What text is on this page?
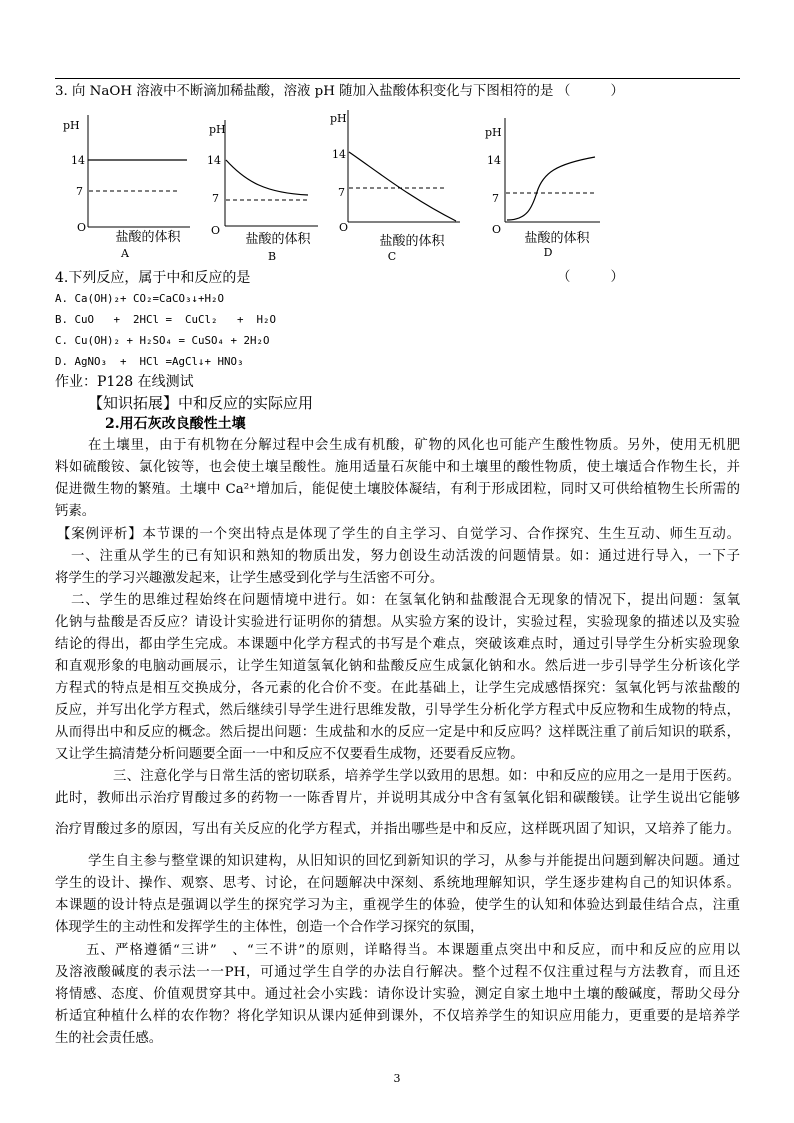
3. 向 NaOH 溶液中不断滴加稀盐酸，溶液 pH 随加入盐酸体积变化与下图相符的是 （　　　）
pH
14
7
O
盐酸的体积
A
pH
14
7
O
盐酸的体积
B
pH
14
7
O
盐酸的体积
C
pH
14
7
O
盐酸的体积
D
4.下列反应，属于中和反应的是	（　　　）
A. Ca(OH)₂+ CO₂=CaCO₃↓+H₂O
B. CuO   +  2HCl =  CuCl₂   +  H₂O
C. Cu(OH)₂ + H₂SO₄ = CuSO₄ + 2H₂O
D. AgNO₃  +  HCl =AgCl↓+ HNO₃
作业：P128 在线测试
【知识拓展】中和反应的实际应用
2.用石灰改良酸性土壤
在土壤里，由于有机物在分解过程中会生成有机酸，矿物的风化也可能产生酸性物质。另外，使用无机肥
料如硫酸铵、氯化铵等，也会使土壤呈酸性。施用适量石灰能中和土壤里的酸性物质，使土壤适合作物生长，并
促进微生物的繁殖。土壤中 Ca²⁺增加后，能促使土壤胶体凝结，有利于形成团粒，同时又可供给植物生长所需的
钙素。
【案例评析】本节课的一个突出特点是体现了学生的自主学习、自觉学习、合作探究、生生互动、师生互动。
一、注重从学生的已有知识和熟知的物质出发，努力创设生动活泼的问题情景。如：通过进行导入，一下子
将学生的学习兴趣激发起来，让学生感受到化学与生活密不可分。
二、学生的思维过程始终在问题情境中进行。如：在氢氧化钠和盐酸混合无现象的情况下，提出问题：氢氧
化钠与盐酸是否反应？请设计实验进行证明你的猜想。从实验方案的设计，实验过程，实验现象的描述以及实验
结论的得出，都由学生完成。本课题中化学方程式的书写是个难点，突破该难点时，通过引导学生分析实验现象
和直观形象的电脑动画展示，让学生知道氢氧化钠和盐酸反应生成氯化钠和水。然后进一步引导学生分析该化学
方程式的特点是相互交换成分，各元素的化合价不变。在此基础上，让学生完成感悟探究：氢氧化钙与浓盐酸的
反应，并写出化学方程式，然后继续引导学生进行思维发散，引导学生分析化学方程式中反应物和生成物的特点，
从而得出中和反应的概念。然后提出问题：生成盐和水的反应一定是中和反应吗？这样既注重了前后知识的联系，
又让学生搞清楚分析问题要全面一一中和反应不仅要看生成物，还要看反应物。
三、注意化学与日常生活的密切联系，培养学生学以致用的思想。如：中和反应的应用之一是用于医药。
此时，教师出示治疗胃酸过多的药物一一陈香胃片，并说明其成分中含有氢氧化铝和碳酸镁。让学生说出它能够
治疗胃酸过多的原因，写出有关反应的化学方程式，并指出哪些是中和反应，这样既巩固了知识，又培养了能力。
学生自主参与整堂课的知识建构，从旧知识的回忆到新知识的学习，从参与并能提出问题到解决问题。通过
学生的设计、操作、观察、思考、讨论，在问题解决中深刻、系统地理解知识，学生逐步建构自己的知识体系。
本课题的设计特点是强调以学生的探究学习为主，重视学生的体验，使学生的认知和体验达到最佳结合点，注重
体现学生的主动性和发挥学生的主体性，创造一个合作学习探究的氛围，
五、严格遵循“三讲”　、“三不讲”的原则，详略得当。本课题重点突出中和反应，而中和反应的应用以
及溶液酸碱度的表示法一一PH，可通过学生自学的办法自行解决。整个过程不仅注重过程与方法教育，而且还
将情感、态度、价值观贯穿其中。通过社会小实践：请你设计实验，测定自家土地中土壤的酸碱度，帮助父母分
析适宜种植什么样的农作物？将化学知识从课内延伸到课外，不仅培养学生的知识应用能力，更重要的是培养学
生的社会责任感。
3
